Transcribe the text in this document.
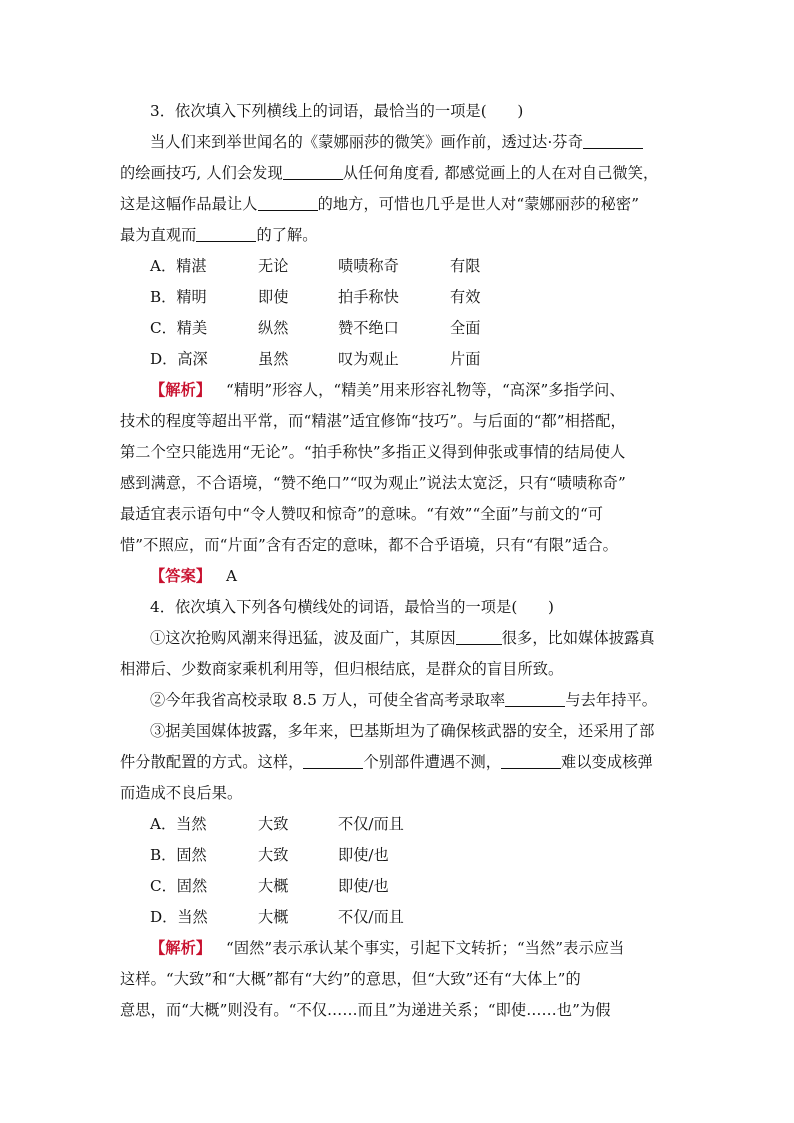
3．依次填入下列横线上的词语，最恰当的一项是(　　)
当人们来到举世闻名的《蒙娜丽莎的微笑》画作前，透过达·芬奇
的绘画技巧, 人们会发现	从任何角度看, 都感觉画上的人在对自己微笑，
这是这幅作品最让人	的地方，可惜也几乎是世人对“蒙娜丽莎的秘密”
最为直观而	的了解。
A．精湛	无论	啧啧称奇	有限
B．精明	即使	拍手称快	有效
C．精美	纵然	赞不绝口	全面
D．高深	虽然	叹为观止	片面
【解析】 “精明”形容人，“精美”用来形容礼物等，“高深”多指学问、
技术的程度等超出平常，而“精湛”适宜修饰“技巧”。与后面的“都”相搭配，
第二个空只能选用“无论”。“拍手称快”多指正义得到伸张或事情的结局使人
感到满意，不合语境，“赞不绝口”“叹为观止”说法太宽泛，只有“啧啧称奇”
最适宜表示语句中“令人赞叹和惊奇”的意味。“有效”“全面”与前文的“可
惜”不照应，而“片面”含有否定的意味，都不合乎语境，只有“有限”适合。
【答案】 A
4．依次填入下列各句横线处的词语，最恰当的一项是(　　)
①这次抢购风潮来得迅猛，波及面广，其原因	很多，比如媒体披露真
相滞后、少数商家乘机利用等，但归根结底，是群众的盲目所致。
②今年我省高校录取 8.5 万人，可使全省高考录取率	与去年持平。
③据美国媒体披露，多年来，巴基斯坦为了确保核武器的安全，还采用了部
件分散配置的方式。这样，	个别部件遭遇不测，	难以变成核弹
而造成不良后果。
A．当然	大致	不仅/而且
B．固然	大致	即使/也
C．固然	大概	即使/也
D．当然	大概	不仅/而且
【解析】 “固然”表示承认某个事实，引起下文转折；“当然”表示应当
这样。“大致”和“大概”都有“大约”的意思，但“大致”还有“大体上”的
意思，而“大概”则没有。“不仅……而且”为递进关系；“即使……也”为假
